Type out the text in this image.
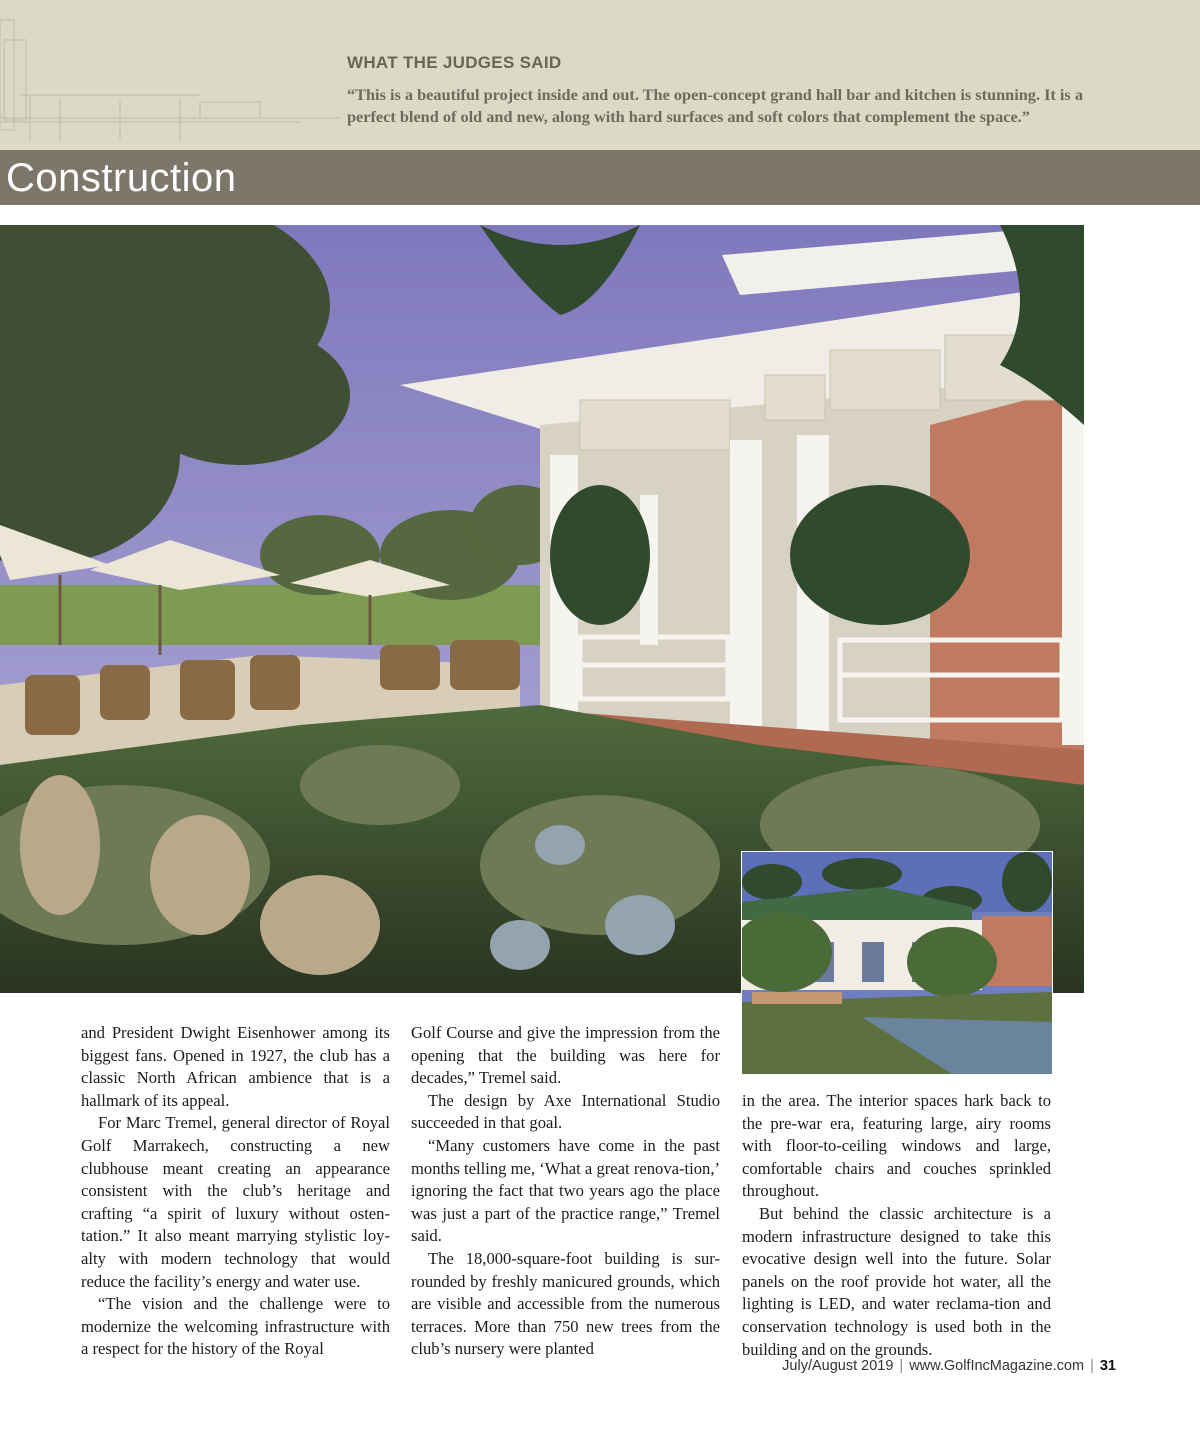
WHAT THE JUDGES SAID
“This is a beautiful project inside and out. The open-concept grand hall bar and kitchen is stunning. It is a perfect blend of old and new, along with hard surfaces and soft colors that complement the space.”
Construction

and President Dwight Eisenhower among its biggest fans. Opened in 1927, the club has a classic North African ambience that is a hallmark of its appeal.

For Marc Tremel, general director of Royal Golf Marrakech, constructing a new clubhouse meant creating an appearance consistent with the club’s heritage and crafting “a spirit of luxury without osten-tation.” It also meant marrying stylistic loy-alty with modern technology that would reduce the facility’s energy and water use.

“The vision and the challenge were to modernize the welcoming infrastructure with a respect for the history of the Royal

Golf Course and give the impression from the opening that the building was here for decades,” Tremel said.

The design by Axe International Studio succeeded in that goal.

“Many customers have come in the past months telling me, ‘What a great renova-tion,’ ignoring the fact that two years ago the place was just a part of the practice range,” Tremel said.

The 18,000-square-foot building is sur-rounded by freshly manicured grounds, which are visible and accessible from the numerous terraces. More than 750 new trees from the club’s nursery were planted

in the area. The interior spaces hark back to the pre-war era, featuring large, airy rooms with floor-to-ceiling windows and large, comfortable chairs and couches sprinkled throughout.

But behind the classic architecture is a modern infrastructure designed to take this evocative design well into the future. Solar panels on the roof provide hot water, all the lighting is LED, and water reclama-tion and conservation technology is used both in the building and on the grounds.

July/August 2019 | www.GolfIncMagazine.com | 31
